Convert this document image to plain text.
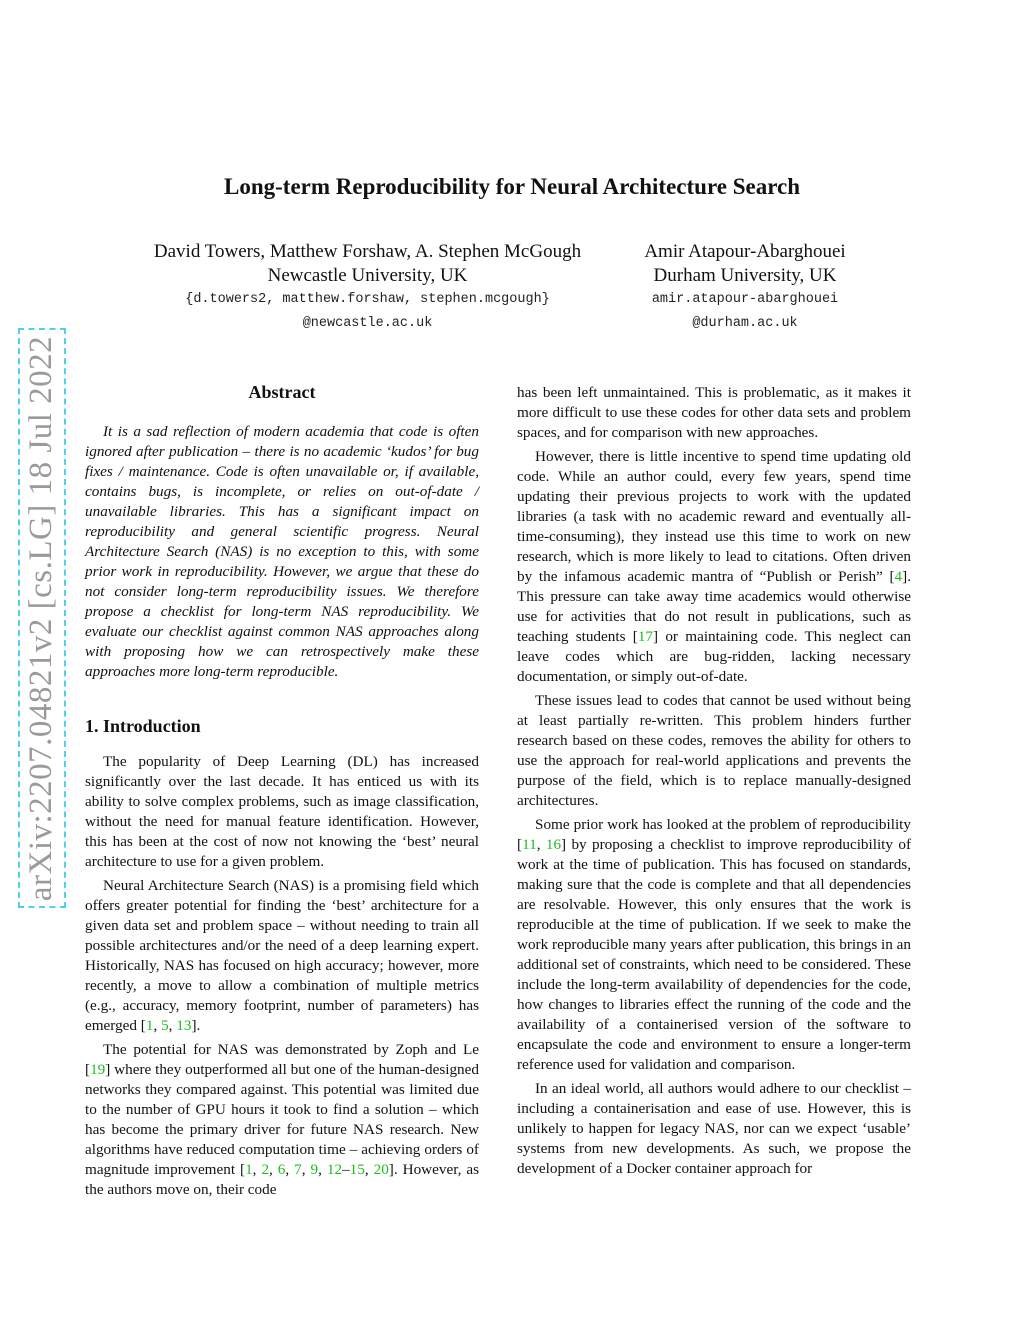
arXiv:2207.04821v2 [cs.LG] 18 Jul 2022
Long-term Reproducibility for Neural Architecture Search
David Towers, Matthew Forshaw, A. Stephen McGough
Newcastle University, UK
{d.towers2, matthew.forshaw, stephen.mcgough}
@newcastle.ac.uk
Amir Atapour-Abarghouei
Durham University, UK
amir.atapour-abarghouei
@durham.ac.uk
Abstract

It is a sad reflection of modern academia that code is often ignored after publication – there is no academic ‘kudos’ for bug fixes / maintenance. Code is often unavailable or, if available, contains bugs, is incomplete, or relies on out-of-date / unavailable libraries. This has a significant impact on reproducibility and general scientific progress. Neural Architecture Search (NAS) is no exception to this, with some prior work in reproducibility. However, we argue that these do not consider long-term reproducibility issues. We therefore propose a checklist for long-term NAS reproducibility. We evaluate our checklist against common NAS approaches along with proposing how we can retrospectively make these approaches more long-term reproducible.

1. Introduction

The popularity of Deep Learning (DL) has increased significantly over the last decade. It has enticed us with its ability to solve complex problems, such as image classification, without the need for manual feature identification. However, this has been at the cost of now not knowing the ‘best’ neural architecture to use for a given problem.

Neural Architecture Search (NAS) is a promising field which offers greater potential for finding the ‘best’ architecture for a given data set and problem space – without needing to train all possible architectures and/or the need of a deep learning expert. Historically, NAS has focused on high accuracy; however, more recently, a move to allow a combination of multiple metrics (e.g., accuracy, memory footprint, number of parameters) has emerged [1, 5, 13].

The potential for NAS was demonstrated by Zoph and Le [19] where they outperformed all but one of the human-designed networks they compared against. This potential was limited due to the number of GPU hours it took to find a solution – which has become the primary driver for future NAS research. New algorithms have reduced computation time – achieving orders of magnitude improvement [1, 2, 6, 7, 9, 12–15, 20]. However, as the authors move on, their code

has been left unmaintained. This is problematic, as it makes it more difficult to use these codes for other data sets and problem spaces, and for comparison with new approaches.

However, there is little incentive to spend time updating old code. While an author could, every few years, spend time updating their previous projects to work with the updated libraries (a task with no academic reward and eventually all-time-consuming), they instead use this time to work on new research, which is more likely to lead to citations. Often driven by the infamous academic mantra of “Publish or Perish” [4]. This pressure can take away time academics would otherwise use for activities that do not result in publications, such as teaching students [17] or maintaining code. This neglect can leave codes which are bug-ridden, lacking necessary documentation, or simply out-of-date.

These issues lead to codes that cannot be used without being at least partially re-written. This problem hinders further research based on these codes, removes the ability for others to use the approach for real-world applications and prevents the purpose of the field, which is to replace manually-designed architectures.

Some prior work has looked at the problem of reproducibility [11, 16] by proposing a checklist to improve reproducibility of work at the time of publication. This has focused on standards, making sure that the code is complete and that all dependencies are resolvable. However, this only ensures that the work is reproducible at the time of publication. If we seek to make the work reproducible many years after publication, this brings in an additional set of constraints, which need to be considered. These include the long-term availability of dependencies for the code, how changes to libraries effect the running of the code and the availability of a containerised version of the software to encapsulate the code and environment to ensure a longer-term reference used for validation and comparison.

In an ideal world, all authors would adhere to our checklist – including a containerisation and ease of use. However, this is unlikely to happen for legacy NAS, nor can we expect ‘usable’ systems from new developments. As such, we propose the development of a Docker container approach for
